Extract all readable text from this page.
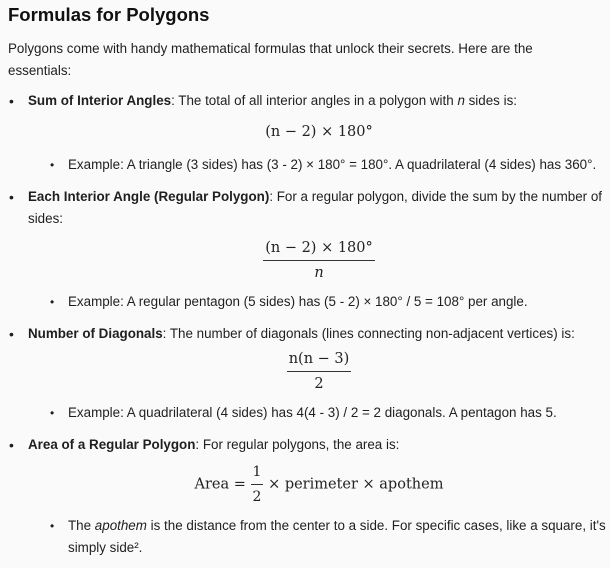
Formulas for Polygons

Polygons come with handy mathematical formulas that unlock their secrets. Here are the essentials:

• Sum of Interior Angles: The total of all interior angles in a polygon with n sides is:
(n − 2) × 180°
• Example: A triangle (3 sides) has (3 - 2) × 180° = 180°. A quadrilateral (4 sides) has 360°.
• Each Interior Angle (Regular Polygon): For a regular polygon, divide the sum by the number of sides:
$\frac{(n - 2) \times 180^\circ}{n}$
• Example: A regular pentagon (5 sides) has (5 - 2) × 180° / 5 = 108° per angle.
• Number of Diagonals: The number of diagonals (lines connecting non-adjacent vertices) is:
$\frac{n(n - 3)}{2}$
• Example: A quadrilateral (4 sides) has 4(4 - 3) / 2 = 2 diagonals. A pentagon has 5.
• Area of a Regular Polygon: For regular polygons, the area is:
Area = $\frac{1}{2}$ × perimeter × apothem
• The apothem is the distance from the center to a side. For specific cases, like a square, it's simply side².
